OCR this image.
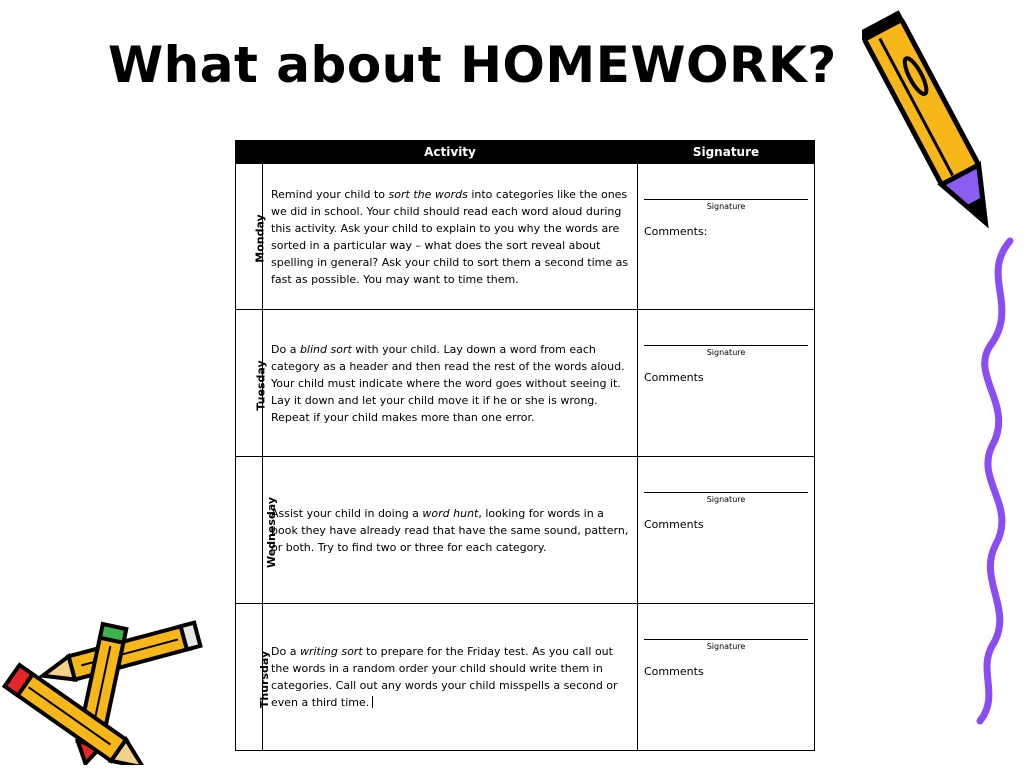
What about HOMEWORK?
	Activity	Signature
Monday	Remind your child to sort the words into categories like the ones we did in school. Your child should read each word aloud during this activity. Ask your child to explain to you why the words are sorted in a particular way – what does the sort reveal about spelling in general? Ask your child to sort them a second time as fast as possible. You may want to time them.	Signature
Comments:

Tuesday	Do a blind sort with your child. Lay down a word from each category as a header and then read the rest of the words aloud. Your child must indicate where the word goes without seeing it. Lay it down and let your child move it if he or she is wrong. Repeat if your child makes more than one error.	Signature
Comments

Wednesday	Assist your child in doing a word hunt, looking for words in a book they have already read that have the same sound, pattern, or both. Try to find two or three for each category.	Signature
Comments

Thursday	Do a writing sort to prepare for the Friday test. As you call out the words in a random order your child should write them in categories. Call out any words your child misspells a second or even a third time.	Signature
Comments
